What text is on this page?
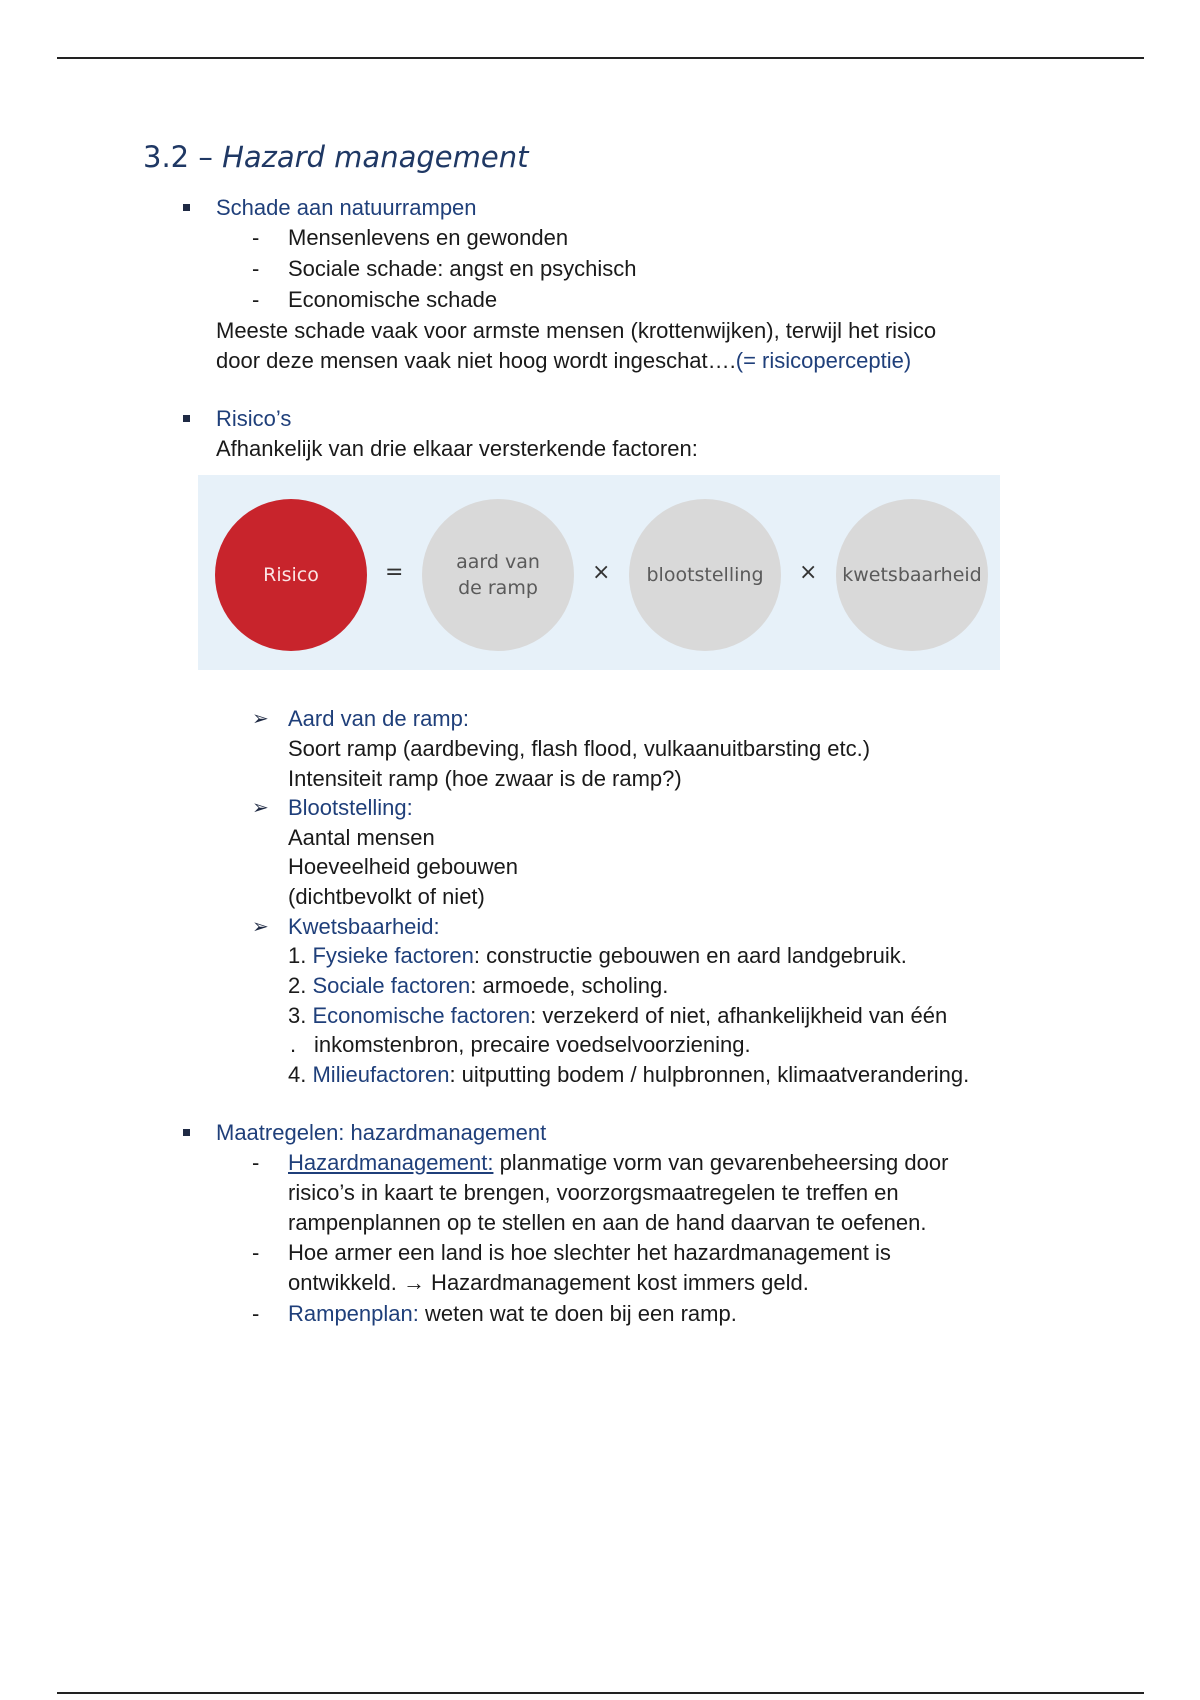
3.2 – Hazard management
Schade aan natuurrampen
- Mensenlevens en gewonden
- Sociale schade: angst en psychisch
- Economische schade
Meeste schade vaak voor armste mensen (krottenwijken), terwijl het risico
door deze mensen vaak niet hoog wordt ingeschat….(= risicoperceptie)
Risico’s
Afhankelijk van drie elkaar versterkende factoren:
Risico	=	aard van
de ramp
× blootstelling × kwetsbaarheid
➢ Aard van de ramp:
Soort ramp (aardbeving, flash flood, vulkaanuitbarsting etc.)
Intensiteit ramp (hoe zwaar is de ramp?)
➢ Blootstelling:
Aantal mensen
Hoeveelheid gebouwen
(dichtbevolkt of niet)
➢ Kwetsbaarheid:
1. Fysieke factoren: constructie gebouwen en aard landgebruik.
2. Sociale factoren: armoede, scholing.
3. Economische factoren: verzekerd of niet, afhankelijkheid van één
. inkomstenbron, precaire voedselvoorziening.
4. Milieufactoren: uitputting bodem / hulpbronnen, klimaatverandering.
Maatregelen: hazardmanagement
- Hazardmanagement: planmatige vorm van gevarenbeheersing door
risico’s in kaart te brengen, voorzorgsmaatregelen te treffen en
rampenplannen op te stellen en aan de hand daarvan te oefenen.
- Hoe armer een land is hoe slechter het hazardmanagement is
ontwikkeld. → Hazardmanagement kost immers geld.
- Rampenplan: weten wat te doen bij een ramp.
